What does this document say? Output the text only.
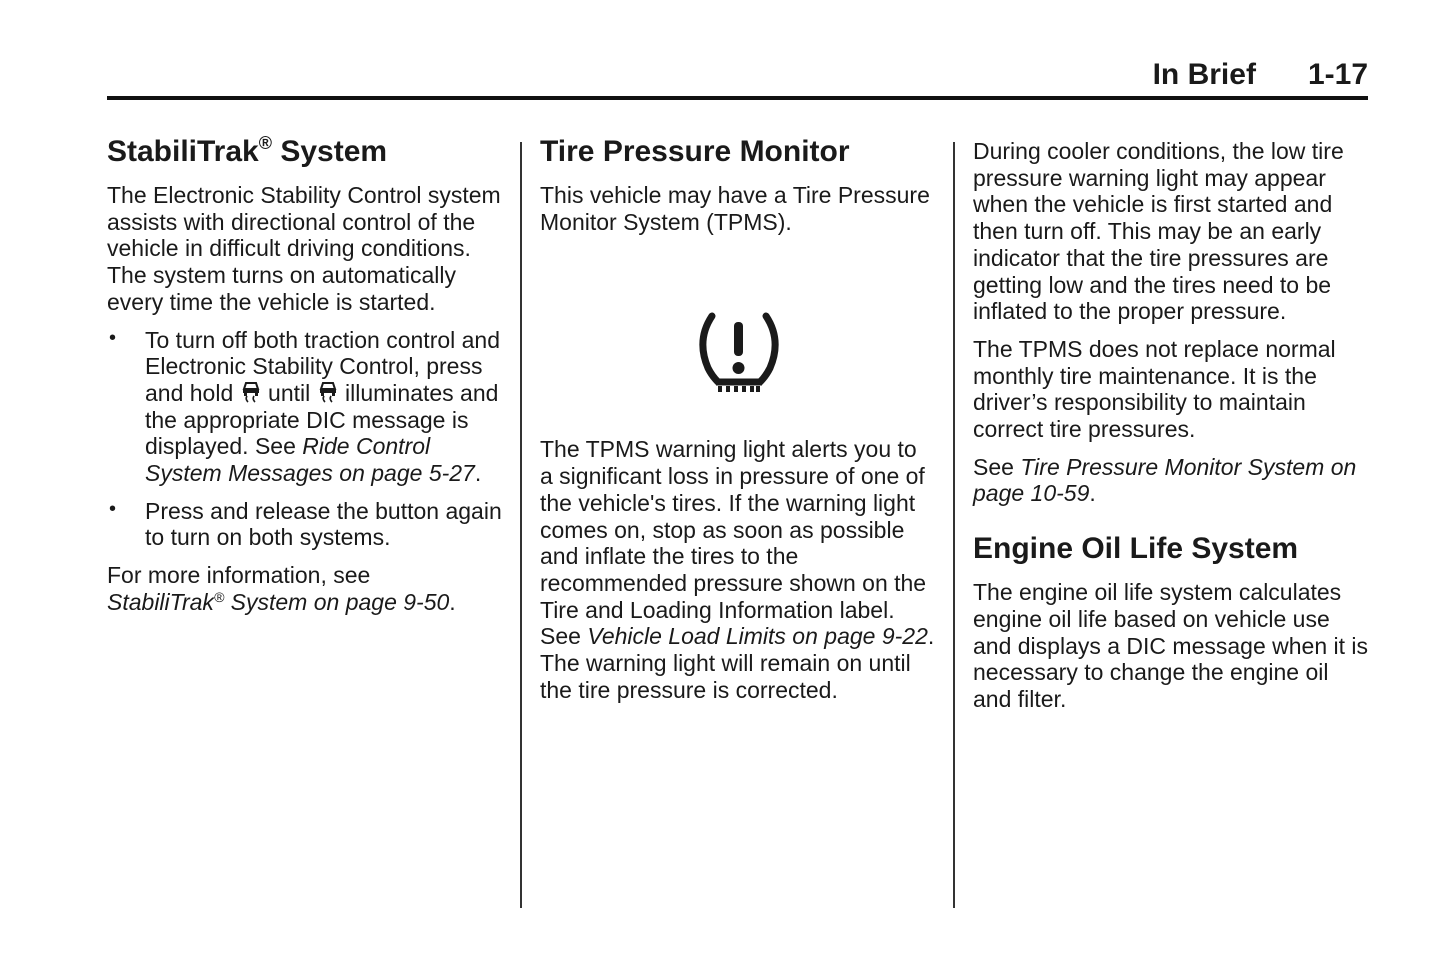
In Brief 1-17
StabiliTrak® System

The Electronic Stability Control system assists with directional control of the vehicle in difficult driving conditions. The system turns on automatically every time the vehicle is started.

• To turn off both traction control and Electronic Stability Control, press and hold  until  illuminates and the appropriate DIC message is displayed. See Ride Control System Messages on page 5-27.
• Press and release the button again to turn on both systems.

For more information, see
StabiliTrak® System on page 9-50.

Tire Pressure Monitor

This vehicle may have a Tire Pressure Monitor System (TPMS).

The TPMS warning light alerts you to a significant loss in pressure of one of the vehicle's tires. If the warning light comes on, stop as soon as possible and inflate the tires to the recommended pressure shown on the Tire and Loading Information label. See Vehicle Load Limits on page 9-22. The warning light will remain on until the tire pressure is corrected.

During cooler conditions, the low tire pressure warning light may appear when the vehicle is first started and then turn off. This may be an early indicator that the tire pressures are getting low and the tires need to be inflated to the proper pressure.

The TPMS does not replace normal monthly tire maintenance. It is the driver’s responsibility to maintain correct tire pressures.

See Tire Pressure Monitor System on page 10-59.

Engine Oil Life System

The engine oil life system calculates engine oil life based on vehicle use and displays a DIC message when it is necessary to change the engine oil and filter.
